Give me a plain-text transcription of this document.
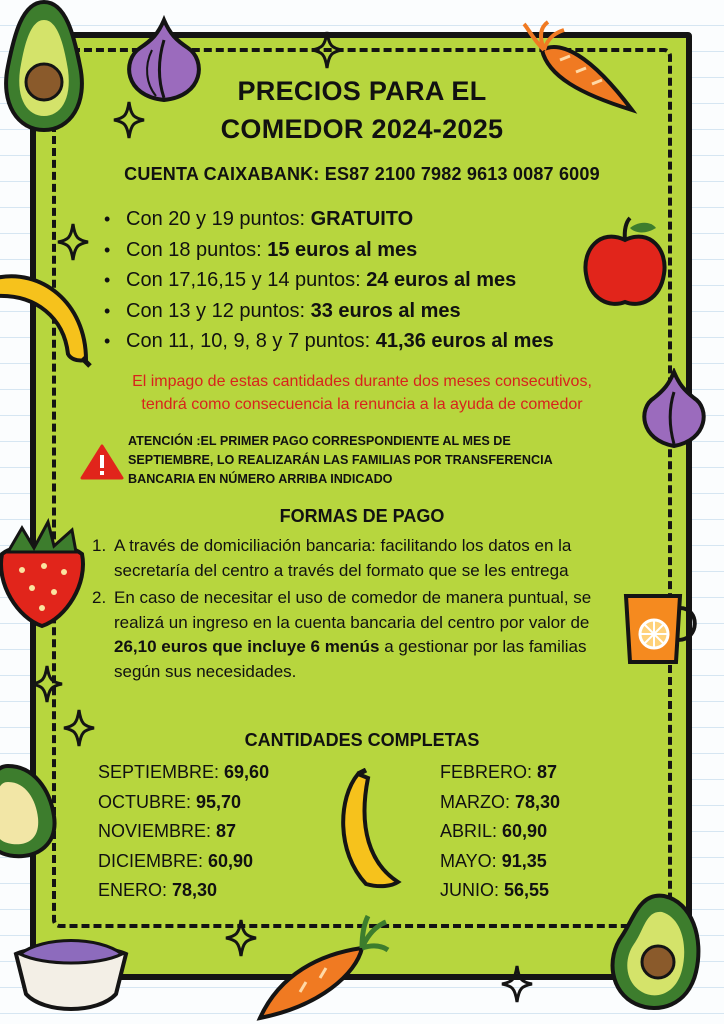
PRECIOS PARA EL
COMEDOR 2024-2025
CUENTA CAIXABANK: ES87 2100 7982 9613 0087 6009
• Con 20 y 19 puntos: GRATUITO
• Con 18 puntos: 15 euros al mes
• Con 17,16,15 y 14 puntos: 24 euros al mes
• Con 13 y 12 puntos: 33 euros al mes
• Con 11, 10, 9, 8 y 7 puntos: 41,36 euros al mes
El impago de estas cantidades durante dos meses consecutivos,
tendrá como consecuencia la renuncia a la ayuda de comedor
ATENCIÓN :EL PRIMER PAGO CORRESPONDIENTE AL MES DE
SEPTIEMBRE, LO REALIZARÁN LAS FAMILIAS POR TRANSFERENCIA
BANCARIA EN NÚMERO ARRIBA INDICADO
FORMAS DE PAGO
1. A través de domiciliación bancaria: facilitando los datos en la secretaría del centro a través del formato que se les entrega
2. En caso de necesitar el uso de comedor de manera puntual, se realizá un ingreso en la cuenta bancaria del centro por valor de 26,10 euros que incluye 6 menús a gestionar por las familias según sus necesidades.
CANTIDADES COMPLETAS
SEPTIEMBRE: 69,60
OCTUBRE: 95,70
NOVIEMBRE: 87
DICIEMBRE: 60,90
ENERO: 78,30
FEBRERO: 87
MARZO: 78,30
ABRIL: 60,90
MAYO: 91,35
JUNIO: 56,55
